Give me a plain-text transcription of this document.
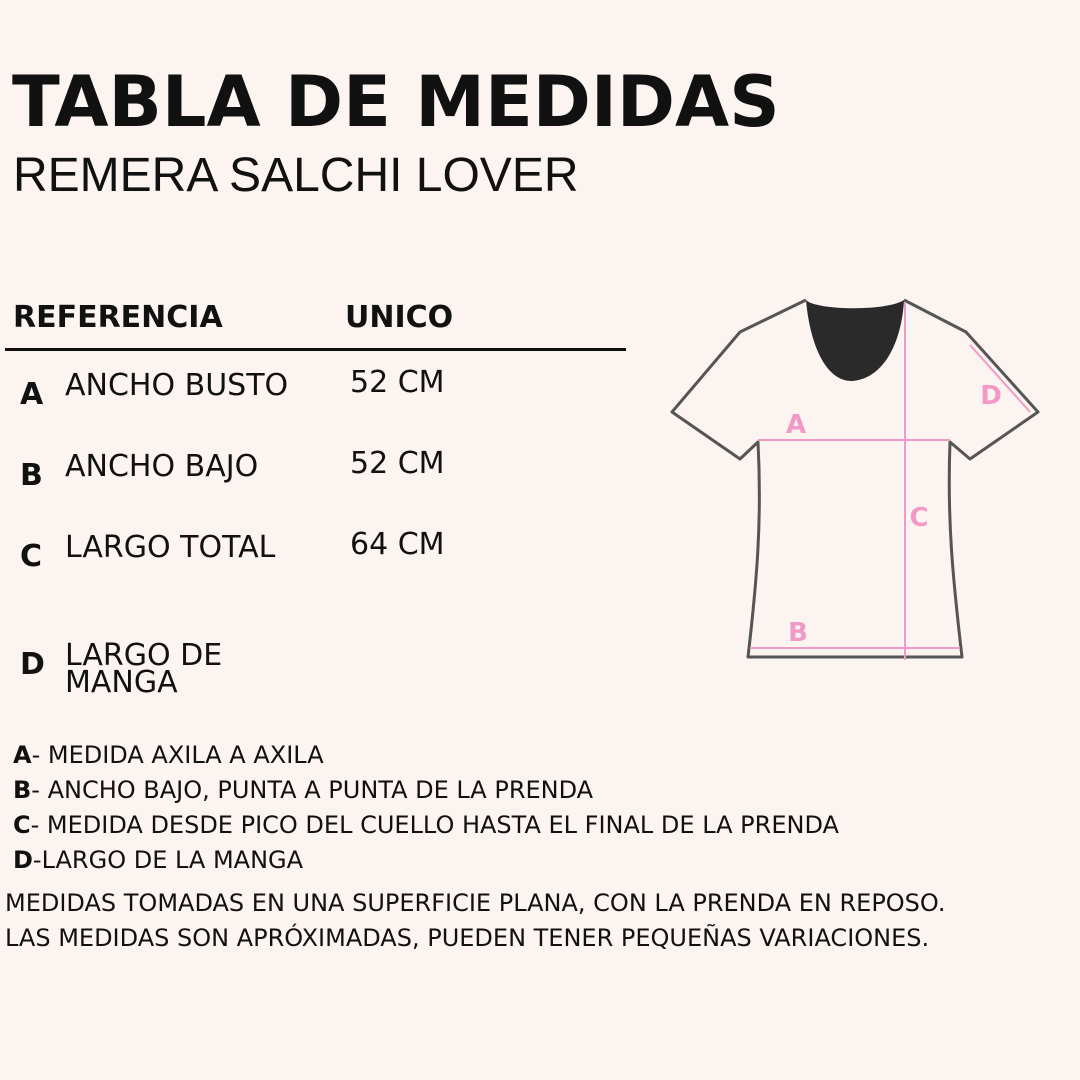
TABLA DE MEDIDAS
REMERA SALCHI LOVER
REFERENCIA	UNICO
A ANCHO BUSTO 52 CM
B ANCHO BAJO	52 CM
C LARGO TOTAL	64 CM
D LARGO DE MANGA
A- MEDIDA AXILA A AXILA
B- ANCHO BAJO, PUNTA A PUNTA DE LA PRENDA
C- MEDIDA DESDE PICO DEL CUELLO HASTA EL FINAL DE LA PRENDA
D-LARGO DE LA MANGA
MEDIDAS TOMADAS EN UNA SUPERFICIE PLANA, CON LA PRENDA EN REPOSO.
LAS MEDIDAS SON APRÓXIMADAS, PUEDEN TENER PEQUEÑAS VARIACIONES.
A
B
C
D
